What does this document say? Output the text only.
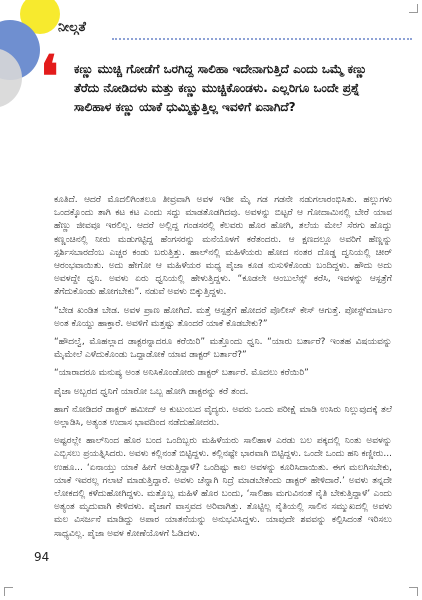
ನೀಲ್ಗತೆ
❛ ಕಣ್ಣು ಮುಚ್ಚಿ ಗೋಡೆಗೆ ಒರಗಿದ್ದ ಸಾಲಿಹಾ ಇದೇನಾಗುತ್ತಿದೆ ಎಂದು ಒಮ್ಮೆ ಕಣ್ಣು ತೆರೆದು ನೋಡಿದಳು ಮತ್ತು ಕಣ್ಣು ಮುಚ್ಚಿಕೊಂಡಳು. ಎಲ್ಲರಿಗೂ ಒಂದೇ ಪ್ರಶ್ನೆ ಸಾಲಿಹಾಳ ಕಣ್ಣು ಯಾಕೆ ಧುಮ್ಮಿಕ್ಕುತ್ತಿಲ್ಲ ಇವಳಿಗೆ ಏನಾಗಿದೆ?

ಕೂತಿದೆ. ಆದರೆ ಮೊದಲಿಗಿಂತಲೂ ತೀವ್ರವಾಗಿ ಅವಳ ಇಡೀ ಮೈ ಗಡ ಗಡನೇ ನಡುಗಲಾರಂಭಿಸಿತು. ಹಲ್ಲುಗಳು ಒಂದಕ್ಕೊಂದು ತಾಗಿ ಕಟ ಕಟ ಎಂದು ಸದ್ದು ಮಾಡತೊಡಗಿದವು. ಅವಳನ್ನು ಬಿಟ್ಟರೆ ಆ ಗೋದಾಮಿನಲ್ಲಿ ಬೇರೆ ಯಾವ ಹೆಣ್ಣು ಜೀವವೂ ಇರಲಿಲ್ಲ. ಆದರೆ ಅಲ್ಲಿದ್ದ ಗಂಡಸರಲ್ಲಿ ಕೆಲವರು ಹೊರ ಹೋಗಿ, ತಲೆಯ ಮೇಲೆ ಸೆರಗು ಹೊದ್ದು ಕಣ್ಣಂಚಿನಲ್ಲಿ ನೀರು ಮಡುಗಟ್ಟಿದ್ದ ಹೆಂಗಸರನ್ನು ಮನೆಯೊಳಗೆ ಕರೆತಂದರು. ಆ ಕ್ಷಣದಲ್ಲೂ ಅವರಿಗೆ ಹೆಣ್ಣನ್ನು ಸ್ಪರ್ಶಿಸಬಾರದೆಂಬ ಎಚ್ಚರ ಕಂಡು ಬರುತ್ತಿತ್ತು. ಹಾಲ್‌ನಲ್ಲಿ ಮಹಿಳೆಯರು ಹೋದ ನಂತರ ದೊಡ್ಡ ದ್ವನಿಯಲ್ಲಿ ಚೀರ್ ಆರಂಭವಾಯಿತು. ಅದು ಹೇಗೋ ಆ ಮಹಿಳೆಯರ ಮಧ್ಯ ಪೈಜಾ ಕೂಡ ನುಸುಳಿಕೊಂಡು ಬಂದಿದ್ದಳು. ಹೌದು ಅದು ಅವಳದ್ದೇ ಧ್ವನಿ. ಅವಳು ಏರು ಧ್ವನಿಯಲ್ಲಿ ಹೇಳುತ್ತಿದ್ದಳು. “ಕೂಡಲೇ ಆಂಬುಲೆನ್ಸ್ ಕರೆಸಿ, ಇವಳನ್ನು ಆಸ್ಪತ್ರೆಗೆ ತೆಗೆದುಕೊಂಡು ಹೋಗಬೇಕು”. ನಡುವೆ ಅವಳು ಬಿಕ್ಕುತ್ತಿದ್ದಳು.

“ಬೇಡ ಖಂಡಿತ ಬೇಡ. ಅವಳ ಪ್ರಾಣ ಹೋಗಿದೆ. ಮತ್ತೆ ಆಸ್ಪತ್ರೆಗೆ ಹೋದರೆ ಪೊಲೀಸ್ ಕೇಸ್ ಆಗುತ್ತೆ. ಪೋಸ್ಟ್‌ಮಾರ್ಟಂ ಅಂತ ಕೊಯ್ದು ಹಾಕ್ತಾರೆ. ಅವಳಿಗೆ ಮತ್ತಷ್ಟು ತೊಂದರೆ ಯಾಕೆ ಕೊಡಬೇಕು?”

“ಹೌದಲ್ವೆ, ಮೊಹಲ್ಲಾದ ಡಾಕ್ಟರನ್ನಾದರೂ ಕರೆಯಿರಿ” ಮತ್ತೊಂದು ಧ್ವನಿ. “ಯಾರು ಬರ್ತಾರೆ? ಇಂತಹ ವಿಷಯವನ್ನು ಮೈಮೇಲೆ ಎಳೆದುಕೊಂಡು ಒದ್ದಾಡೋಕೆ ಯಾವ ಡಾಕ್ಟರ್ ಬರ್ತಾರೆ?”

“ಯಾರಾದರೂ ಮನುಷ್ಯ ಅಂತ ಅನಿಸಿಕೊಂಡೋರು ಡಾಕ್ಟರ್ ಬರ್ತಾರೆ. ಮೊದಲು ಕರೆಯಿರಿ”

ಪೈಜಾ ಅಬ್ಬರದ ಧ್ವನಿಗೆ ಯಾರೋ ಒಬ್ಬ ಹೋಗಿ ಡಾಕ್ಟರನ್ನು ಕರೆ ತಂದ.

ಹಾಗೆ ನೋಡಿದರೆ ಡಾಕ್ಟರ್ ಹಮೀದ್ ಆ ಕುಟುಂಬದ ವೈದ್ಯರು. ಅವರು ಒಂದು ಪರೀಕ್ಷೆ ಮಾಡಿ ಉಸಿರು ನಿಲ್ಲುವುದಕ್ಕೆ ತಲೆ ಅಲ್ಲಾಡಿಸಿ, ಅತ್ಯಂತ ಉದಾಸ ಭಾವದಿಂದ ನಡೆದುಹೋದರು.

ಅಷ್ಟರಲ್ಲೇ ಹಾಲ್‌ನಿಂದ ಹೊರ ಬಂದ ಒಂದಿಬ್ಬರು ಮಹಿಳೆಯರು ಸಾಲಿಹಾಳ ಎರಡು ಬಲ ಪಕ್ಕದಲ್ಲಿ ನಿಂತು ಅವಳನ್ನು ಎಬ್ಬಿಸಲು ಪ್ರಯತ್ನಿಸಿದರು. ಅವಳು ಕಲ್ಲಿನಂತೆ ಬಿಟ್ಟಿದ್ದಳು. ಕಲ್ಲಿನಷ್ಟೇ ಭಾರವಾಗಿ ಬಿಟ್ಟಿದ್ದಳು. ಒಂದೇ ಒಂದು ಹನಿ ಕಣ್ಣೀರು... ಉಹೂ... ‘ಏನಾಯ್ತು ಯಾಕೆ ಹೀಗೆ ಆಡುತ್ತಿದ್ದಾಳೆ? ಒಂದಿಷ್ಟು ಕಾಲ ಅವಳನ್ನು ಕೂರಿಸಿದಾಯಿತು. ಈಗ ಮಲಗಿಸಬೇಕು, ಯಾಕೆ ಇವರಲ್ಲ ಗಲಾಟೆ ಮಾಡುತ್ತಿದ್ದಾರೆ. ಅವಳು ಚೆನ್ನಾಗಿ ನಿದ್ರೆ ಮಾಡಬೇಕೆಂದು ಡಾಕ್ಟರ್ ಹೇಳಿದಾರೆ.’ ಅವಳು ತನ್ನದೇ ಲೋಕದಲ್ಲಿ ಕಳೆದುಹೋಗಿದ್ದಳು. ಮತ್ತೊಬ್ಬ ಮಹಿಳೆ ಹೊರ ಬಂದು, ‘ಸಾಲಿಹಾ ಮಗುವಿನಂತೆ ನೈತಿ ಬೇಕುತ್ತಿದ್ದಾಳೆ’ ಎಂದು ಅತ್ಯಂತ ಮೃದುವಾಗಿ ಕೇಳಿದಳು. ಪೈಜಾಗೆ ವಾಸ್ತವದ ಅರಿವಾಗಿತ್ತು. ತೊಟ್ಟಿಲ್ಲ ನೈತಿಯಲ್ಲಿ ಸಾಲಿನ ಸಮ್ಮುಖದಲ್ಲಿ ಅವಳು ಮಲ ವಿಸರ್ಜನೆ ಮಾಡಿದ್ದು ಅಪಾರ ಯಾತನೆಯನ್ನು ಅನುಭವಿಸಿದ್ದಳು. ಯಾವುದೇ ಶವವನ್ನು ಕಲ್ಪಿಸಿದಂತೆ ಇರಿಸಲು ಸಾಧ್ಯವಿಲ್ಲ. ಪೈಜಾ ಅವಳ ಕೋಣೆಯೊಳಗೆ ಓಡಿದಳು.

94
